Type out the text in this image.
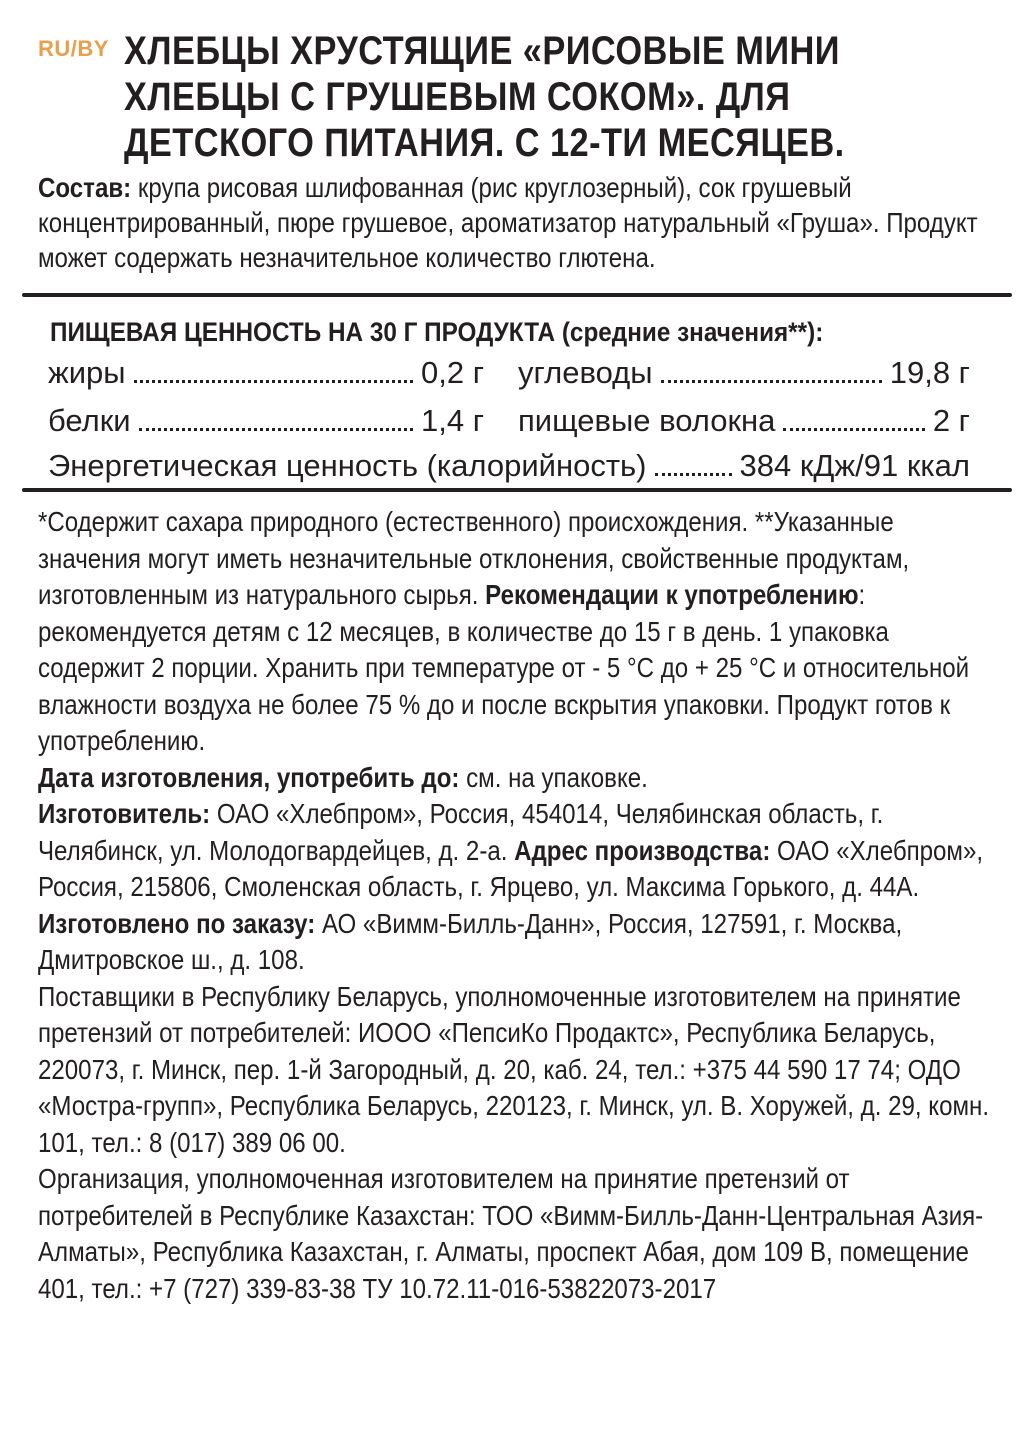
RU/BY ХЛЕБЦЫ ХРУСТЯЩИЕ «РИСОВЫЕ МИНИ ХЛЕБЦЫ С ГРУШЕВЫМ СОКОМ». ДЛЯ ДЕТСКОГО ПИТАНИЯ. С 12-ТИ МЕСЯЦЕВ.

Состав: крупа рисовая шлифованная (рис круглозерный), сок грушевый концентрированный, пюре грушевое, ароматизатор натуральный «Груша». Продукт может содержать незначительное количество глютена.

ПИЩЕВАЯ ЦЕННОСТЬ НА 30 Г ПРОДУКТА (средние значения**):
жиры	0,2 г углеводы	19,8 г
белки	1,4 г пищевые волокна	2 г
Энергетическая ценность (калорийность)	384 кДж/91 ккал
*Содержит сахара природного (естественного) происхождения. **Указанные значения могут иметь незначительные отклонения, свойственные продуктам, изготовленным из натурального сырья. Рекомендации к употреблению: рекомендуется детям с 12 месяцев, в количестве до 15 г в день. 1 упаковка содержит 2 порции. Хранить при температуре от - 5 °С до + 25 °С и относительной влажности воздуха не более 75 % до и после вскрытия упаковки. Продукт готов к употреблению.
Дата изготовления, употребить до: см. на упаковке.
Изготовитель: ОАО «Хлебпром», Россия, 454014, Челябинская область, г. Челябинск, ул. Молодогвардейцев, д. 2-а. Адрес производства: ОАО «Хлебпром», Россия, 215806, Смоленская область, г. Ярцево, ул. Максима Горького, д. 44А. Изготовлено по заказу: АО «Вимм-Билль-Данн», Россия, 127591, г. Москва, Дмитровское ш., д. 108.
Поставщики в Республику Беларусь, уполномоченные изготовителем на принятие претензий от потребителей: ИООО «ПепсиКо Продактс», Республика Беларусь, 220073, г. Минск, пер. 1-й Загородный, д. 20, каб. 24, тел.: +375 44 590 17 74; ОДО «Мостра-групп», Республика Беларусь, 220123, г. Минск, ул. В. Хоружей, д. 29, комн. 101, тел.: 8 (017) 389 06 00.
Организация, уполномоченная изготовителем на принятие претензий от потребителей в Республике Казахстан: ТОО «Вимм-Билль-Данн-Центральная Азия-Алматы», Республика Казахстан, г. Алматы, проспект Абая, дом 109 В, помещение 401, тел.: +7 (727) 339-83-38 ТУ 10.72.11-016-53822073-2017
